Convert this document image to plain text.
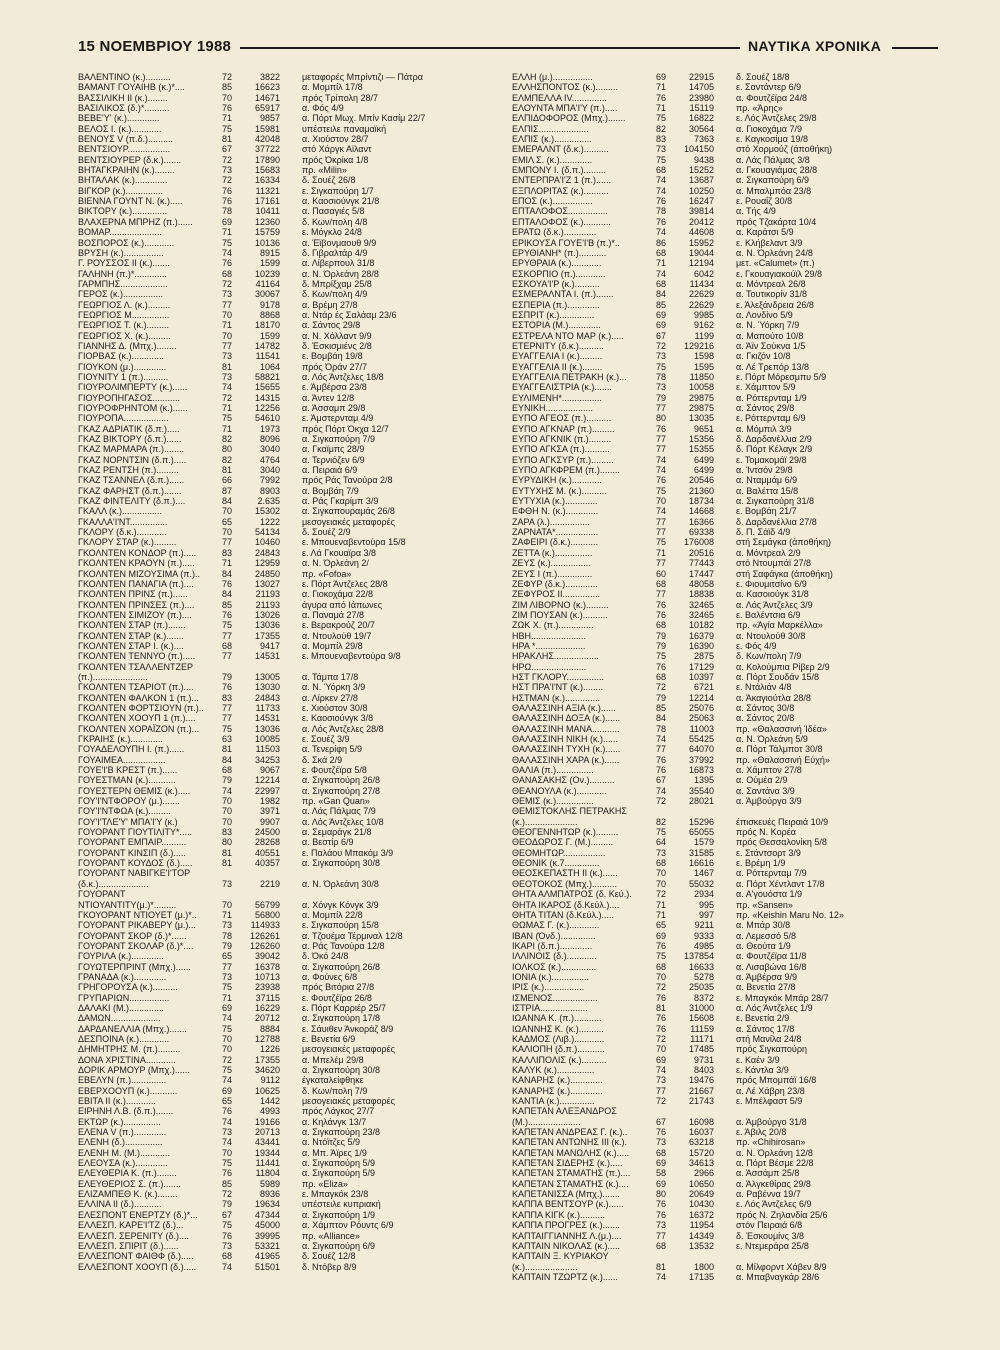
15 ΝΟΕΜΒΡΙΟΥ 1988	ΝΑΥΤΙΚΑ ΧΡΟΝΙΚΑ
ΒΑΛΕΝΤΙΝΟ (κ.)..........	72	3822 μεταφορές Μπρίντιζι — Πάτρα
ΒΑΜΑΝΤ ΓΟΥΑΙΗΒ (κ.)*....	85	16623 α. Μομπίλ 17/8
ΒΑΣΣΙΛΙΚΗ II (κ.)........	70	14671 πρός Τρίπολη 28/7
ΒΑΣΙΛΙΚΟΣ (δ.)*..........	76	65917 α. Φός 4/9
ΒΕΒΕ'Υ' (κ.).............	71	9857 α. Πόρτ Μωχ. Μπίν Κασίμ 22/7
ΒΕΛΟΣ Ι. (κ.)............	75	15981 υπέστειλε παναμαϊκή
ΒΕΝΟΥΣ V (π.δ.)..........	81	42048 α. Χιούστον 28/7
ΒΕΝΤΣΙΟΥΡ.................	67	37722 στό Χάργκ Αϊλαντ
ΒΕΝΤΣΙΟΥΡΕΡ (δ.κ.).......	72	17890 πρός Όκρίκα 1/8
ΒΗΤΑΓΚΡΑΙΗΝ (κ.)........	73	15683 πρ. «Milin»
ΒΗΤΑΛΑΚ (κ.).............	72	16334 δ. Σουέζ 26/8
ΒΙΓΚΟΡ (κ.)...............	76	11321 ε. Σιγκαπούρη 1/7
ΒΙΕΝΝΑ ΓΟΥΝΤ Ν. (κ.).....	76	17161 α. Καοσιούνγκ 21/8
ΒΙΚΤΟΡΥ (κ.)..............	78	10411 α. Πασαγιές 5/8
ΒΛΑΧΕΡΝΑ ΜΠΡΗΖ (π.)......	69	12360 δ. Κων/πολη 4/8
ΒΟΜΑΡ.....................	71	15759 ε. Μόγκλο 24/8
ΒΟΣΠΟΡΟΣ (κ.)............	75	10136 α. Έϊβονμαουθ 9/9
ΒΡΥΣΗ (κ.)................	74	8915 δ. Γιβραλτάρ 4/9
Γ. ΡΟΥΣΣΟΣ II (κ.).......	76	1599 α. Λίβερπουλ 31/8
ΓΑΛΗΝΗ (π.)*.............	68	10239 α. Ν. Όρλεάνη 28/8
ΓΑΡΜΠΗΣ...................	72	41164 δ. Μπρίξχαμ 25/8
ΓΕΡΟΣ (κ.)................	73	30067 δ. Κων/πολη 4/9
ΓΕΩΡΓΙΟΣ Λ. (κ.).........	77	9178 α. Βρέμη 27/8
ΓΕΩΡΓΙΟΣ Μ...............	70	8868 α. Ντάρ ές Σαλάαμ 23/6
ΓΕΩΡΓΙΟΣ Τ. (κ.).........	71	18170 α. Σάντος 29/8
ΓΕΩΡΓΙΟΣ Χ. (κ.).........	70	1599 α. Ν. Χόλλαντ 9/9
ΓΙΑΝΝΗΣ Δ. (Μπχ.)........	77	14782 δ. Έσκισμιένς 2/8
ΓΙΟΡΒΑΣ (κ.).............	73	11541 ε. Βομβάη 19/8
ΓΙΟΥΚΟΝ (μ.).............	81	1064 πρός Όράν 27/7
ΓΙΟΥΝΙΤΥ 1 (π.)..........	73	58821 α. Λός Άντζελες 18/8
ΓΙΟΥΡΟΛΙΜΠΕΡΤΥ (κ.)......	74	15655 ε. Άμβέρσα 23/8
ΓΙΟΥΡΟΠΗΓΑΣΟΣ...........	72	14315 α. Άντεν 12/8
ΓΙΟΥΡΟΦΡΗΝΤΟΜ (κ.)......	71	12256 α. Άσσαμπ 29/8
ΓΙΟΥΡΟΠΑ..................	75	54610 ε. Άμστερνταμ 4/9
ΓΚΑΖ ΑΔΡΙΑΤΙΚ (δ.π.).....	71	1973 πρός Πόρτ Όκχα 12/7
ΓΚΑΖ ΒΙΚΤΟΡΥ (δ.π.)......	82	8096 α. Σιγκαπούρη 7/9
ΓΚΑΖ ΜΑΡΜΑΡΑ (π.)........	80	3040 α. Γκαϊμπς 28/9
ΓΚΑΖ ΝΟΡΝΤΣΙΝ (δ.π.).....	82	4764 α. Τερνιόζεν 6/9
ΓΚΑΖ ΡΕΝΤΣΗ (π.).........	81	3040 α. Πειραιά 6/9
ΓΚΑΖ ΤΣΑΝΝΕΛ (δ.π.)......	66	7992 πρός Ράς Τανούρα 2/8
ΓΚΑΖ ΦΑΡΗΣΤ (δ.π.).......	87	8903 α. Βομβάη 7/9
ΓΚΑΖ ΦΙΝΤΕΛΙΤΥ (δ.π.)....	84	2.635 α. Ράς Γκαρίμπ 3/9
ΓΚΑΛΛ (κ.)................	70	15302 α. Σιγκαπουραμάς 26/8
ΓΚΑΛΛΑ'Ι'ΝΤ...............	65	1222 μεσογειακές μεταφορές
ΓΚΛΟΡΥ (δ.κ.)............	70	54134 δ. Σουέζ 2/9
ΓΚΛΟΡΥ ΣΤΑΡ (κ.).........	77	10460 ε. Μπουεναβεντούρα 15/8
ΓΚΟΛΝΤΕΝ ΚΟΝΔΟΡ (π.).....	83	24843 ε. Λά Γκουαϊρα 3/8
ΓΚΟΛΝΤΕΝ ΚΡΑΟΥΝ (π.).....	71	12959 α. Ν. Όρλεάνη 2/
ΓΚΟΛΝΤΕΝ ΜΙΖΟΥΣΙΜΑ (π.)..	84	24850 πρ. «Fofoa»
ΓΚΟΛΝΤΕΝ ΠΑΝΑΓΙΑ (π.)....	76	13027 ε. Πόρτ Άντζελες 28/8
ΓΚΟΛΝΤΕΝ ΠΡΙΝΣ (π.)......	84	21193 α. Γιοκοχάμα 22/8
ΓΚΟΛΝΤΕΝ ΠΡΙΝΣΕΣ (π.)....	85	21193 άγυρα από Ιάπωνες
ΓΚΟΛΝΤΕΝ ΣΙΜΙΖΟΥ (π.)....	76	13026 α. Παναμά 27/8
ΓΚΟΛΝΤΕΝ ΣΤΑΡ (π.).......	75	13036 ε. Βερακρούζ 20/7
ΓΚΟΛΝΤΕΝ ΣΤΑΡ (κ.).......	77	17355 α. Ντουλούθ 19/7
ΓΚΟΛΝΤΕΝ ΣΤΑΡ Ι. (κ.)....	68	9417 α. Μομπίλ 29/8
ΓΚΟΛΝΤΕΝ ΤΕΝΝΥΟ (π.).....	77	14531 ε. Μπουεναβεντούρα 9/8
ΓΚΟΛΝΤΕΝ ΤΣΑΛΛΕΝΤΖΕΡ
(π.)......................	79	13005 α. Τάμπα 17/8
ΓΚΟΛΝΤΕΝ ΤΣΑΡΙΟΤ (π.)....	76	13030 α. Ν. Ύόρκη 3/9
ΓΚΟΛΝΤΕΝ ΦΑΛΚΟΝ 1 (π.)...	83	24843 α. Λίρκεν 27/8
ΓΚΟΛΝΤΕΝ ΦΟΡΤΣΙΟΥΝ (π.)..	77	11733 ε. Χιούστον 30/8
ΓΚΟΛΝΤΕΝ ΧΟΟΥΠ 1 (π.)....	77	14531 ε. Καοσιούνγκ 3/8
ΓΚΟΛΝΤΕΝ ΧΟΡΑΪΖΟΝ (π.)...	75	13036 α. Λός Άντζελες 28/8
ΓΚΡΑΙΗΣ (κ.).............	63	10085 ε. Σουέζ 3/9
ΓΟΥΑΔΕΛΟΥΠΗ Ι. (π.)......	81	11503 α. Τενερίφη 5/9
ΓΟΥΑΙΜΕΑ.................	84	34253 δ. Σκά 2/9
ΓΟΥΕ'Ι'Β ΚΡΕΣΤ (π.)......	68	9067 ε. Φουτζέϊρα 5/8
ΓΟΥΕΣΤΜΑΝ (κ.)...........	79	12214 α. Σιγκαπούρη 26/8
ΓΟΥΕΣΤΕΡΝ ΘΕΜΙΣ (κ.).....	74	22997 α. Σιγκαπούρη 27/8
ΓΟΥ'Ι'ΝΤΦΟΡΟΥ (μ.).......	70	1982 πρ. «Gan Quan»
ΓΟΥ'Ι'ΝΤΦΩΑ (κ.).........	70	3971 α. Λάς Πάλμας 7/9
ΓΟΥ'Ι'ΤΛΕ'Υ' ΜΠΑ'Ι'Υ (κ.)	70	9907 α. Λός Άντζελες 10/8
ΓΟΥΟΡΑΝΤ ΓΙΟΥΤΙΛΙΤΥ*.....	83	24500 α. Σεμαράγκ 21/8
ΓΟΥΟΡΑΝΤ ΕΜΠΑΙΡ..........	80	28268 α. Βεστίρ 6/9
ΓΟΥΟΡΑΝΤ ΚΙΝΣΙΠ (δ.).....	81	40551 ε. Παλάου Μπακόμ 3/9
ΓΟΥΟΡΑΝΤ ΚΟΥΔΟΣ (δ.).....	81	40357 α. Σιγκαπούρη 30/8
ΓΟΥΟΡΑΝΤ ΝΑΒΙΓΚΕ'Ι'ΤΟΡ
(δ.κ.)....................	73	2219 α. Ν. Όρλεάνη 30/8
ΓΟΥΟΡΑΝΤ
ΝΤΙΟΥΑΝΤΙΤΥ(μ.)*.........	70	56799 α. Χόνγκ Κόνγκ 3/9
ΓΚΟΥΟΡΑΝΤ ΝΤΙΟΥΕΤ (μ.)*..	71	56800 α. Μομπίλ 22/8
ΓΟΥΟΡΑΝΤ ΡΙΚΑΒΕΡΥ (μ.)...	73	114933 ε. Σιγκαπούρη 15/8
ΓΟΥΟΡΑΝΤ ΣΚΟΡ (δ.)*......	78	126261 α. Τζουέμα Τέρμιναλ 12/8
ΓΟΥΟΡΑΝΤ ΣΚΟΛΑΡ (δ.)*....	79	126260 α. Ράς Τανούρα 12/8
ΓΟΥΡΙΛΑ (κ.).............	65	39042 δ. Όκό 24/8
ΓΟΥΩΤΕΡΠΡΙΝΤ (Μπχ.)......	77	16378 α. Σιγκαπούρη 26/8
ΓΡΑΝΑΔΑ (κ.).............	73	10713 α. Φούνες 6/8
ΓΡΗΓΟΡΟΥΣΑ (κ.)..........	75	23938 πρός Βιτόρια 27/8
ΓΡΥΠΑΡΙΩΝ................	71	37115 ε. Φουτζέϊρα 26/8
ΔΑΛΑΚΙ (Μ.)..............	69	16229 ε. Πόρτ Καρριέρ 25/7
ΔΑΜΩΝ....................	74	20712 α. Σιγκαπούρη 17/8
ΔΑΡΔΑΝΕΛΛΙΑ (Μπχ.).......	75	8884 ε. Σάυιθεν Άνκοράζ 8/9
ΔΕΣΠΟΙΝΑ (κ.)............	70	12788 ε. Βενετία 6/9
ΔΗΜΗΤΡΗΣ Μ. (π.).........	70	1226 μεσογειακές μεταφορές
ΔΟΝΑ ΧΡΙΣΤΙΝΑ............	72	17355 α. Μπελέμ 29/8
ΔΟΡΙΚ ΑΡΜΟΥΡ (Μπχ.)......	75	34620 α. Σιγκαπούρη 30/8
ΕΒΕΛΥΝ (π.)..............	74	9112 έγκαταλείφθηκε
ΕΒΕΡΧΟΟΥΠ (κ.)...........	69	10625 δ. Κων/πολη 7/9
ΕΒΙΤΑ II (κ.)............	65	1442 μεσογειακές μεταφορές
ΕΙΡΗΝΗ Λ.Β. (δ.π.).......	76	4993 πρός Λάγκος 27/7
ΕΚΤΩΡ (κ.)...............	74	19166 α. Κηλάνγκ 13/7
ΕΛΕΝΑ V (π.).............	73	20713 α. Σιγκαπούρη 23/8
ΕΛΕΝΗ (δ.)...............	74	43441 α. Ντόϊτζες 5/9
ΕΛΕΝΗ Μ. (Μ.)............	70	19344 α. Μπ. Άϊρες 1/9
ΕΛΕΟΥΣΑ (κ.).............	75	11441 α. Σιγκαπούρη 5/9
ΕΛΕΥΘΕΡΙΑ Κ. (π.)........	76	11804 α. Σιγκαπούρη 5/9
ΕΛΕΥΘΕΡΙΟΣ Σ. (π.).......	85	5989 πρ. «Eliza»
ΕΛΙΖΑΜΠΕΘ Κ. (κ.)........	72	8936 ε. Μπαγκόκ 23/8
ΕΛΛΙΝΑ II (δ.)...........	79	19634 υπέστειλε κυπριακή
ΕΛΕΣΠΟΝΤ ΕΝΕΡΤΖΥ (δ.)*...	67	47344 α. Σιγκαπούρη 1/9
ΕΛΛΕΣΠ. ΚΑΡΕ'Ι'ΤΖ (δ.)...	75	45000 α. Χάμπτον Ρόυντς 6/9
ΕΛΛΕΣΠ. ΣΕΡΕΝΙΤΥ (δ.)....	76	39995 πρ. «Alliance»
ΕΛΛΕΣΠ. ΣΠΙΡΙΤ (δ.)......	73	53321 α. Σιγκαπούρη 6/9
ΕΛΛΕΣΠΟΝΤ ΦΑΙΘΦ (δ.).....	68	41965 δ. Σουέζ 12/8
ΕΛΛΕΣΠΟΝΤ ΧΟΟΥΠ (δ.).....	74	51501 δ. Ντόβερ 8/9
ΕΛΛΗ (μ.)................	69	22915 δ. Σουέζ 18/8
ΕΛΛΗΣΠΟΝΤΟΣ (κ.).........	71	14705 ε. Σαντάντερ 6/9
ΕΛΜΠΕΛΛΑ IV..............	76	23980 α. Φουτζέϊρα 24/8
ΕΛΟΥΝΤΑ ΜΠΑ'Ι'Υ (π.).....	71	15119 πρ. «Άρης»
ΕΛΠΙΔΟΦΟΡΟΣ (Μπχ.).......	75	16822 ε. Λός Άντζελες 29/8
ΕΛΠΙΣ....................	82	30564 α. Γιοκοχάμα 7/9
ΕΛΠΙΣ (κ.)...............	83	7363 ε. Καγκοσίμα 19/8
ΕΜΕΡΑΛΝΤ (δ.κ.)..........	73	104150 στό Χορμούζ (άποθήκη)
ΕΜΙΛ Σ. (κ.).............	75	9438 α. Λάς Πάλμας 3/8
ΕΜΠΟΝΥ Ι. (δ.π.).........	68	15252 α. Γκουαγιάμας 28/8
ΕΝΤΕΡΠΡΑ'Ι'Ζ 1 (π.)......	74	13687 α. Σιγκαπούρη 6/9
ΕΞΠΛΟΡΙΤΑΣ (κ.)..........	74	10250 α. Μπαλμπόα 23/8
ΕΠΟΣ (κ.)................	76	16247 ε. Ρουαΐζ 30/8
ΕΠΤΑΛΟΦΟΣ................	78	39814 α. Τής 4/9
ΕΠΤΑΛΟΦΟΣ (κ.)...........	76	20412 πρός Τζακάρτα 10/4
ΕΡΑΤΩ (δ.κ.).............	74	44608 α. Καράτσι 5/9
ΕΡΙΚΟΥΣΑ ΓΟΥΕ'Ι'Β (π.)*..	86	15952 ε. Κλήβελαντ 3/9
ΕΡΥΘΙΑΝΗ* (π.)...........	68	19044 α. Ν. Όρλεάνη 24/8
ΕΡΥΘΡΑΙΑ (κ.)............	71	12194 μετ. «Calumet» (π.)
ΕΣΚΟΡΠΙΟ (π.)............	74	6042 ε. Γκουαγιακούϊλ 29/8
ΕΣΚΟΥΑ'Ι'Ρ (κ.)..........	68	11434 α. Μόντρεαλ 26/8
ΕΣΜΕΡΑΛΝΤΑ Ι. (π.).......	84	22629 α. Τουτικορίν 31/8
ΕΣΠΕΡΙΑ (π.).............	85	22629 ε. Άλεξάνδρεια 26/8
ΕΣΠΡΙΤ (κ.)..............	69	9985 α. Λονδίνο 5/9
ΕΣΤΟΡΙΑ (Μ.).............	69	9162 α. Ν. Ύόρκη 7/9
ΕΣΤΡΕΛΑ ΝΤΟ ΜΑΡ (κ.).....	67	1199 α. Μαπούτο 10/8
ΕΤΕΡΝΙΤΥ (δ.κ.)..........	72	129216 α. Άϊν Σούκνα 1/5
ΕΥΑΓΓΕΛΙΑ Ι (κ.).........	73	1598 α. Γκιζόν 10/8
ΕΥΑΓΓΕΛΙΑ ΙΙ (κ.)........	75	1595 α. Λέ Τρεπόρ 13/8
ΕΥΑΓΓΕΛΙΑ ΠΕΤΡΑΚΗ (κ.)...	78	11850 ε. Πόρτ Μόρεσμπυ 5/9
ΕΥΑΓΓΕΛΙΣΤΡΙΑ (κ.).......	73	10058 ε. Χάμπτον 5/9
ΕΥΛΙΜΕΝΗ*................	79	29875 α. Ρόττερνταμ 1/9
ΕΥΝΙΚΗ...................	77	29875 α. Σάντος 29/8
ΕΥΠΟ ΑΓΕΟΣ (π.)..........	80	13035 ε. Ρόττερνταμ 6/9
ΕΥΠΟ ΑΓΚΝΑΡ (π.).........	76	9651 α. Μόμπιλ 3/9
ΕΥΠΟ ΑΓΚΝΙΚ (π.).........	77	15356 δ. Δαρδανέλλια 2/9
ΕΥΠΟ ΑΓΚΣΑ (π.)..........	77	15355 δ. Πόρτ Κέλαγκ 2/9
ΕΥΠΟ ΑΓΚΣΥΡ (π.).........	74	6499 ε. Τομακομάϊ 29/8
ΕΥΠΟ ΑΓΚΦΡΕΜ (π.)........	74	6499 α. Ίντσόν 29/8
ΕΥΡΥΔΙΚΗ (κ.)............	76	20546 α. Νταμμάμ 6/9
ΕΥΤΥΧΗΣ Μ. (κ.)..........	75	21360 α. Βαλέττα 15/8
ΕΥΤΥΧΙΑ (κ.).............	70	18734 α. Σιγκαπούρη 31/8
ΕΦΘΗ Ν. (κ.).............	74	14668 ε. Βομβάη 21/7
ΖΑΡΑ (λ.)................	77	16366 δ. Δαρδανέλλια 27/8
ΖΑΡΝΑΤΑ*.................	77	69338 δ. Π. Σάϊδ 4/9
ΖΑΦΕΙΡΙ (δ.κ.)...........	75	176008 στή Σεμάγκα (άποθήκη)
ΖΕΤΤΑ (κ.)...............	71	20516 α. Μόντρεαλ 2/9
ΖΕΥΣ (κ.)................	77	77443 στό Ντουμπάϊ 27/8
ΖΕΥΣ Ι (π.)..............	60	17447 στή Σαφάγκα (άποθήκη)
ΖΕΦΥΡ (δ.κ.).............	68	48058 ε. Φιουμιτσίνο 6/9
ΖΕΦΥΡΟΣ ΙΙ...............	77	18838 α. Κασοιούγκ 31/8
ΖΙΜ ΛΙΒΟΡΝΟ (κ.).........	76	32465 α. Λός Άντζελες 3/9
ΖΙΜ ΠΟΥΣΑΝ (κ.)..........	76	32465 ε. Βαλέντσια 6/9
ΖΩΚ Χ. (π.)..............	68	10182 πρ. «Άγία Μαρκέλλα»
ΗΒΗ......................	79	16379 α. Ντουλούθ 30/8
ΗΡΑ *....................	79	16390 ε. Φός 4/9
ΗΡΑΚΛΗΣ..................	75	2875 δ. Κων/πολη 7/9
ΗΡΩ......................	76	17129 α. Κολούμπια Ρίβερ 2/9
ΗΣΤ ΓΚΛΟΡΥ...............	68	10397 α. Πόρτ Σουδάν 15/8
ΗΣΤ ΠΡΑ'Ι'ΝΤ (κ.)........	72	6721 ε. Ντάλιάν 4/8
ΗΣΤΜΑΝ (κ.)..............	79	12214 α. Άκαγιούτλα 28/8
ΘΑΛΑΣΣΙΝΗ ΑΞΙΑ (κ.)......	85	25076 α. Σάντος 30/8
ΘΑΛΑΣΣΙΝΗ ΔΟΞΑ (κ.)......	84	25063 α. Σάντος 20/8
ΘΑΛΑΣΣΙΝΗ ΜΑΝΑ...........	78	11003 πρ. «Θαλασσινή Ίδέα»
ΘΑΛΑΣΣΙΝΗ ΝΙΚΗ (κ.)......	74	55425 α. Ν. Όρλεάνη 5/9
ΘΑΛΑΣΣΙΝΗ ΤΥΧΗ (κ.)......	77	64070 α. Πόρτ Τάλμποτ 30/8
ΘΑΛΑΣΣΙΝΗ ΧΑΡΑ (κ.)......	76	37992 πρ. «Θαλασσινή Εύχή»
ΘΑΛΙΑ (π.)...............	76	16873 α. Χάμπτον 27/8
ΘΑΝΑΣΑΚΗΣ (Ον.)..........	67	1395 α. Ούμέα 2/9
ΘΕΑΝΟΥΛΑ (κ.)............	74	35540 α. Σαντάνα 3/9
ΘΕΜΙΣ (κ.)...............	72	28021 α. Άμβούργο 3/9
ΘΕΜΙΣΤΟΚΛΗΣ ΠΕΤΡΑΚΗΣ
(κ.).....................	82	15296 έπισκευές Πειραιά 10/9
ΘΕΟΓΕΝΝΗΤΩΡ (κ.).........	75	65055 πρός Ν. Κορέα
ΘΕΟΔΩΡΟΣ Γ. (Μ.).........	64	1579 πρός Θεσσαλονίκη 5/8
ΘΕΟΜΗΤΩΡ.................	73	31585 ε. Στάντσορτ 3/9
ΘΕΟΝΙΚ (κ.7..............	68	16616 ε. Βρέμη 1/9
ΘΕΟΣΚΕΠΑΣΤΗ ΙΙ (κ.)......	70	1467 α. Ρόττερνταμ 7/9
ΘΕΟΤΟΚΟΣ (Μπχ.)..........	70	55032 α. Πόρτ Χέντλαντ 17/8
ΘΗΤΑ ΑΛΜΠΑΤΡΟΣ (δ. Κεύ.).	72	2934 α. Α'γουόστα 1/9
ΘΗΤΑ ΙΚΑΡΟΣ (δ.Κεύλ.)....	71	995 πρ. «Sansen»
ΘΗΤΑ ΤΙΤΑΝ (δ.Κεύλ.).....	71	997 πρ. «Keishin Maru No. 12»
ΘΩΜΑΣ Γ. (κ.)............	65	9211 α. Μπάρ 30/8
ΙΒΑΝ (Όνδ.)..............	69	9333 α. Λεμεσσό 5/8
ΙΚΑΡΙ (δ.π.).............	76	4985 α. Θεούτα 1/9
ΙΛΛΙΝΟΙΣ (δ.)............	75	137854 α. Φουτζέϊρα 11/8
ΙΟΛΚΟΣ (κ.)..............	68	16633 α. Λισαβώνα 16/8
ΙΟΝΙΑ (κ.)...............	70	5278 α. Άμβέρσα 9/9
ΙΡΙΣ (κ.)................	72	25035 α. Βενετία 27/8
ΙΣΜΕΝΟΣ..................	76	8372 ε. Μπαγκόκ Μπάρ 28/7
ΙΣΤΡΙΑ...................	81	31000 α. Λός Άντζελες 1/9
ΙΩΑΝΝΑ Κ. (π.)...........	76	15608 ε. Βενετία 2/9
ΙΩΑΝΝΗΣ Κ. (κ.)..........	76	11159 α. Σάντος 17/8
ΚΑΔΜΟΣ (Λιβ.)............	72	11171 στή Μανίλα 24/8
ΚΑΛΙΟΠΗ (δ.π.)...........	70	17485 πρός Σιγκαπούρη
ΚΑΛΛΙΠΟΛΙΣ (κ.)..........	69	9731 ε. Καέν 3/9
ΚΑΛΥΚ (κ.)...............	74	8403 ε. Κάντλα 3/9
ΚΑΝΑΡΗΣ (κ.).............	73	19476 πρός Μπομπάϊ 16/8
ΚΑΝΑΡΗΣ (κ.).............	77	21667 α. Λέ Χάβρη 23/8
ΚΑΝΤΙΑ (κ.)..............	72	21743 ε. Μπέλφαστ 5/9
ΚΑΠΕΤΑΝ ΑΛΕΞΑΝΔΡΟΣ
(Μ.).....................	67	16098 α. Άμβούργο 31/8
ΚΑΠΕΤΑΝ ΑΝΔΡΕΑΣ Γ. (κ.)..	76	16037 ε. Άβιλς 20/8
ΚΑΠΕΤΑΝ ΑΝΤΩΝΗΣ ΙΙΙ (κ.).	73	63218 πρ. «Chihirosan»
ΚΑΠΕΤΑΝ ΜΑΝΩΛΗΣ (κ.).....	68	15720 α. Ν. Όρλεάνη 12/8
ΚΑΠΕΤΑΝ ΣΙΔΕΡΗΣ (κ.).....	69	34613 α. Πόρτ Βέσμε 22/8
ΚΑΠΕΤΑΝ ΣΤΑΜΑΤΗΣ (π.)....	58	2966 α. Άσσάμπ 25/8
ΚΑΠΕΤΑΝ ΣΤΑΜΑΤΗΣ (κ.)....	69	10650 α. Άλγκεθίρας 29/8
ΚΑΠΕΤΑΝΙΣΣΑ (Μπχ.).......	80	20649 α. Ραβέννα 19/7
ΚΑΠΠΑ ΒΕΝΤΣΟΥΡ (κ.)......	76	10430 ε. Λός Άντζελες 6/9
ΚΑΠΠΑ ΚΙΓΚ (κ.)..........	76	16372 πρός Ν. Ζηλανδία 25/6
ΚΑΠΠΑ ΠΡΟΓΡΕΣ (κ.).......	73	11954 στόν Πειραιά 6/8
ΚΑΠΤΑΙΓΓΙΑΝΝΗΣ Λ.(μ.)....	77	14349 δ. Έσκουμίνς 3/8
ΚΑΠΤΑΙΝ ΝΙΚΟΛΑΣ (κ.).....	68	13532 ε. Ντεμεράρα 25/8
ΚΑΠΤΑΙΝ Ξ. ΚΥΡΙΑΚΟΥ
(κ.).....................	81	1800 α. Μίλφορντ Χάβεν 8/9
ΚΑΠΤΑΙΝ ΤΖΩΡΤΖ (κ.)......	74	17135 α. Μπαβναγκάρ 28/6
